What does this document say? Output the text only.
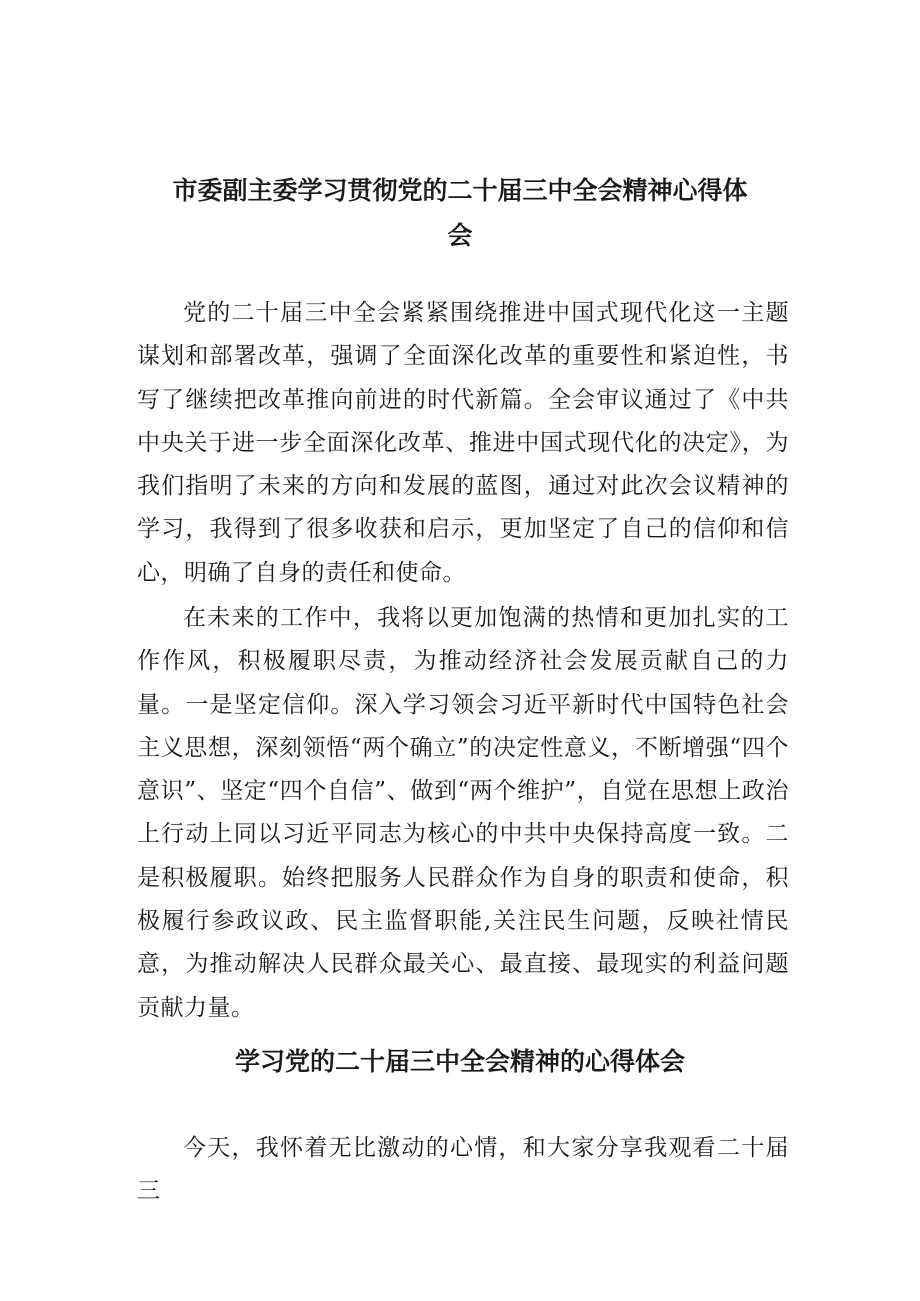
市委副主委学习贯彻党的二十届三中全会精神心得体
会

党的二十届三中全会紧紧围绕推进中国式现代化这一主题谋划和部署改革，强调了全面深化改革的重要性和紧迫性，书写了继续把改革推向前进的时代新篇。全会审议通过了《中共中央关于进一步全面深化改革、推进中国式现代化的决定》，为我们指明了未来的方向和发展的蓝图，通过对此次会议精神的学习，我得到了很多收获和启示，更加坚定了自己的信仰和信心，明确了自身的责任和使命。

在未来的工作中，我将以更加饱满的热情和更加扎实的工作作风，积极履职尽责，为推动经济社会发展贡献自己的力量。一是坚定信仰。深入学习领会习近平新时代中国特色社会主义思想，深刻领悟“两个确立”的决定性意义，不断增强“四个意识”、坚定“四个自信”、做到“两个维护”，自觉在思想上政治上行动上同以习近平同志为核心的中共中央保持高度一致。二是积极履职。始终把服务人民群众作为自身的职责和使命，积极履行参政议政、民主监督职能,关注民生问题，反映社情民意，为推动解决人民群众最关心、最直接、最现实的利益问题贡献力量。

学习党的二十届三中全会精神的心得体会

今天，我怀着无比激动的心情，和大家分享我观看二十届三
